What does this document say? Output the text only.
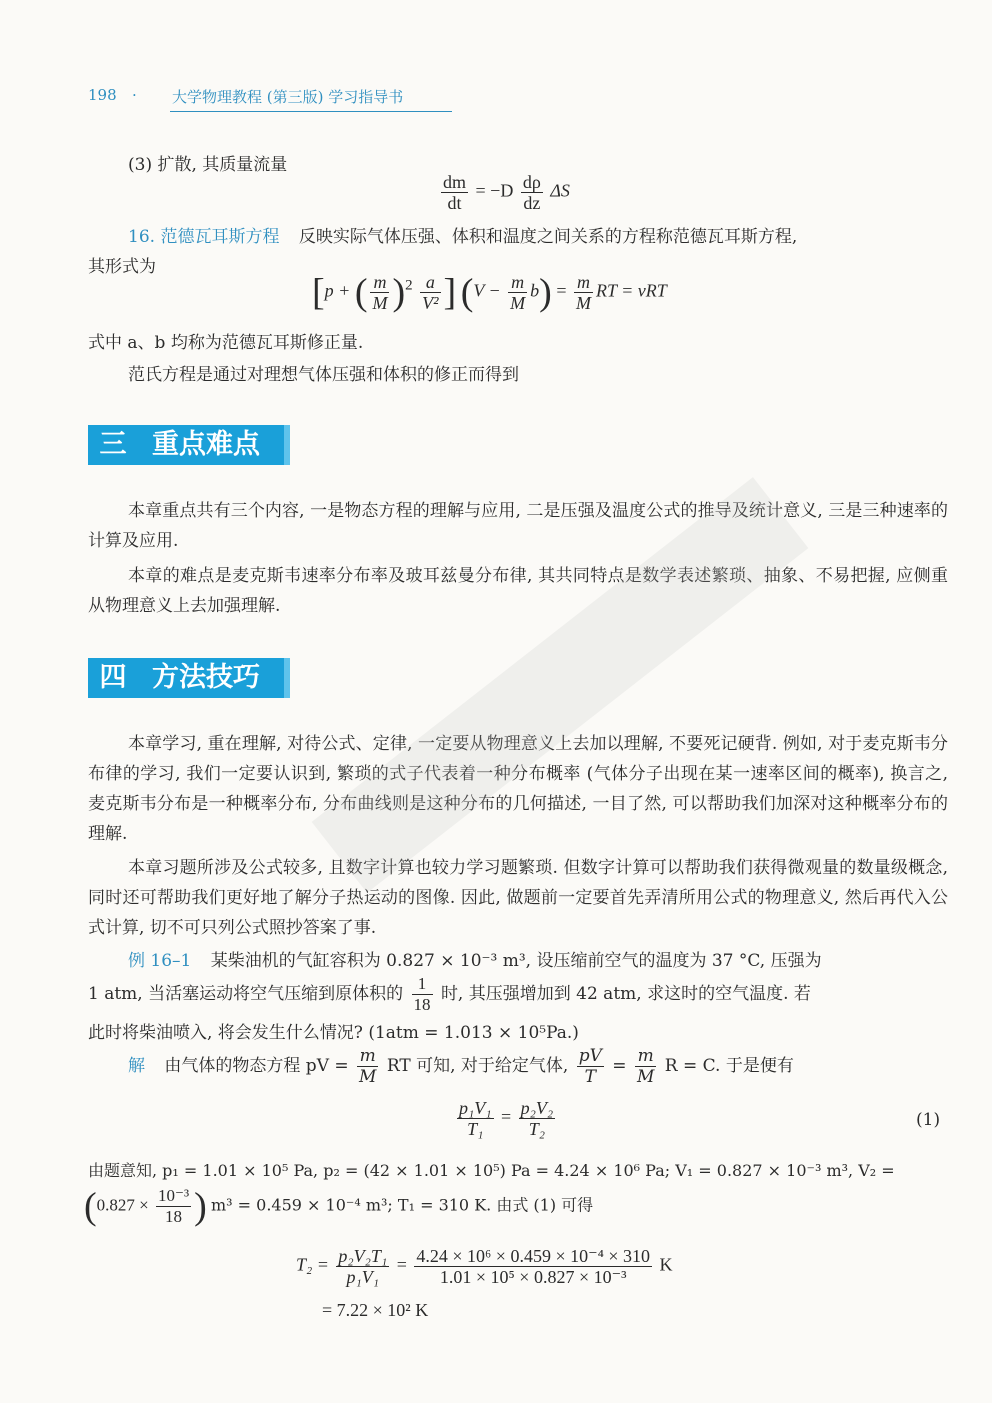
198 · 大学物理教程 (第三版) 学习指导书
(3) 扩散, 其质量流量
$\frac{dm}{dt} = -D \frac{d\rho}{dz}$ ΔS
16. 范德瓦耳斯方程 反映实际气体压强、体积和温度之间关系的方程称范德瓦耳斯方程,
其形式为
[p + ( $\frac{m}{M} )^2 \frac{a}{\text{V²}}$ ] $(V - \frac{m}{M} b) = \frac{m}{M}$ RT = νRT
式中 a、b 均称为范德瓦耳斯修正量.
范氏方程是通过对理想气体压强和体积的修正而得到
三 重点难点
本章重点共有三个内容, 一是物态方程的理解与应用, 二是压强及温度公式的推导及统计意义, 三是三种速率的计算及应用.
本章的难点是麦克斯韦速率分布率及玻耳兹曼分布律, 其共同特点是数学表述繁琐、抽象、不易把握, 应侧重从物理意义上去加强理解.
四 方法技巧
本章学习, 重在理解, 对待公式、定律, 一定要从物理意义上去加以理解, 不要死记硬背. 例如, 对于麦克斯韦分布律的学习, 我们一定要认识到, 繁琐的式子代表着一种分布概率 (气体分子出现在某一速率区间的概率), 换言之, 麦克斯韦分布是一种概率分布, 分布曲线则是这种分布的几何描述, 一目了然, 可以帮助我们加深对这种概率分布的理解.
本章习题所涉及公式较多, 且数字计算也较力学习题繁琐. 但数字计算可以帮助我们获得微观量的数量级概念, 同时还可帮助我们更好地了解分子热运动的图像. 因此, 做题前一定要首先弄清所用公式的物理意义, 然后再代入公式计算, 切不可只列公式照抄答案了事.
例 16–1 某柴油机的气缸容积为 0.827 × 10⁻³ m³, 设压缩前空气的温度为 37 °C, 压强为
1 atm, 当活塞运动将空气压缩到原体积的 $\frac{1}{18}$ 时, 其压强增加到 42 atm, 求这时的空气温度. 若
此时将柴油喷入, 将会发生什么情况? (1atm = 1.013 × 10⁵Pa.)
解 由气体的物态方程 pV = $\frac{m}{M}$ RT 可知, 对于给定气体, $\frac{pV}{T} = \frac{m}{M}$ R = C. 于是便有
$\frac{\text{p₁V₁}}{\text{T₁}} = \frac{\text{p₂V₂}}{\text{T₂}}$	(1)
由题意知, p₁ = 1.01 × 10⁵ Pa, p₂ = (42 × 1.01 × 10⁵) Pa = 4.24 × 10⁶ Pa; V₁ = 0.827 × 10⁻³ m³, V₂ =
($0.827 \times \frac{\text{10⁻³}}{18}$ ) m³ = 0.459 × 10⁻⁴ m³; T₁ = 310 K. 由式 (1) 可得
$T_2 = \frac{\text{p₂V₂T₁}}{\text{p₁V₁}} = \frac{\text{4.24 × 10⁶ × 0.459 × 10⁻⁴ × 310}}{\text{1.01 × 10⁵ × 0.827 × 10⁻³}}$ K
= 7.22 × 10² K
